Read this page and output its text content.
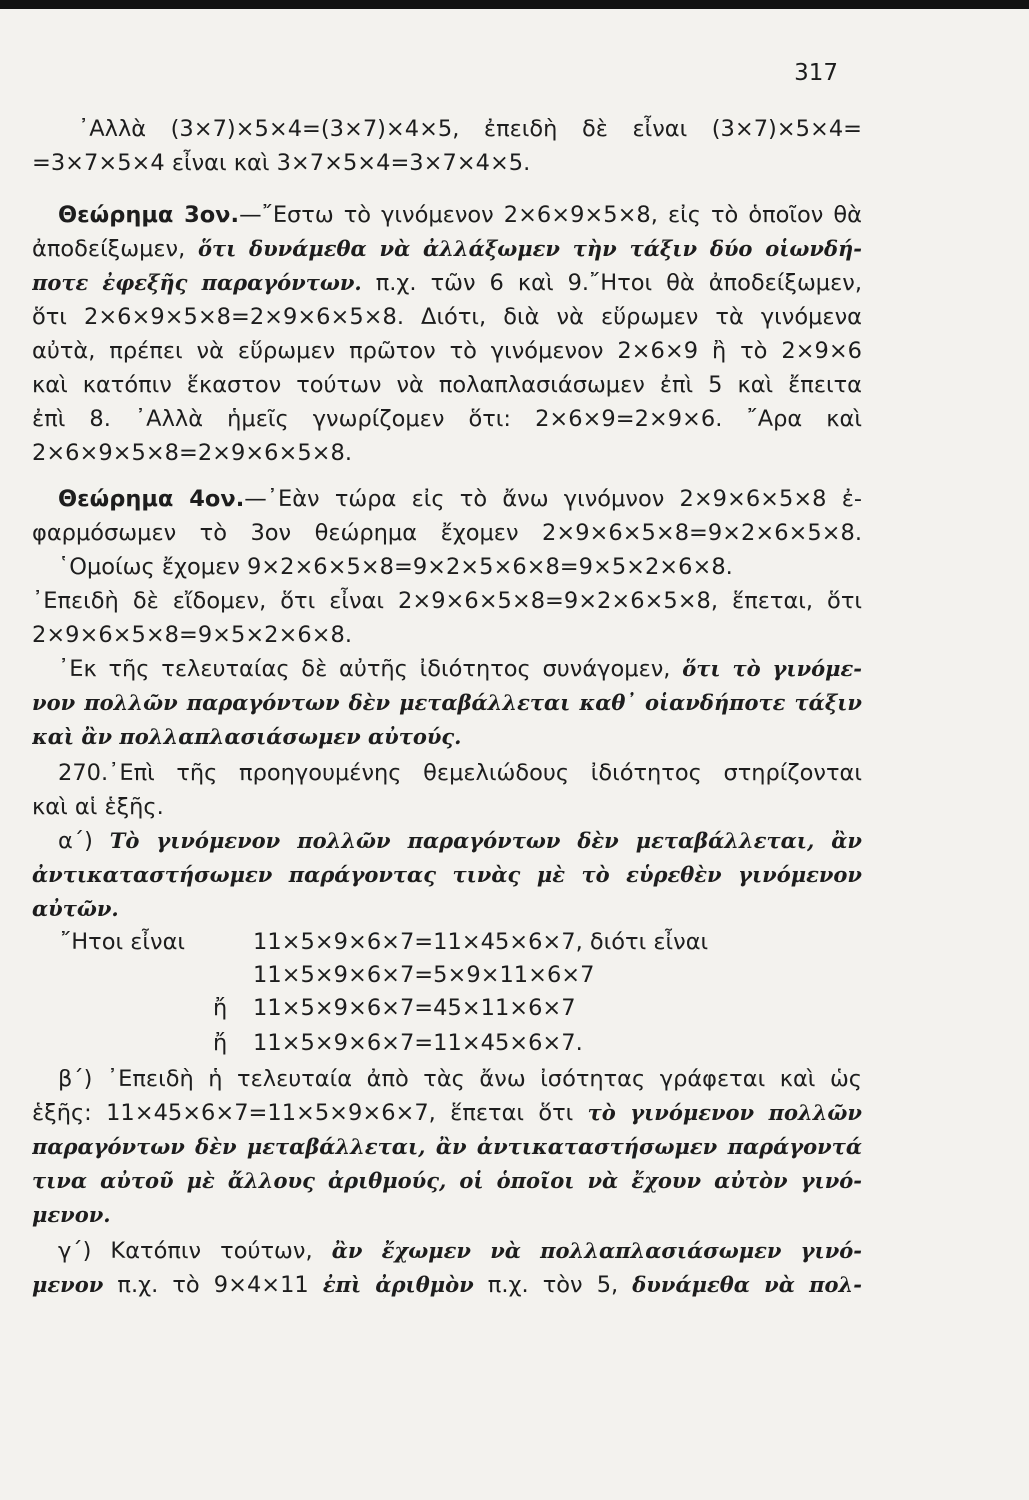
317
᾽Αλλὰ (3×7)×5×4=(3×7)×4×5, ἐπειδὴ δὲ εἶναι (3×7)×5×4=
=3×7×5×4 εἶναι καὶ 3×7×5×4=3×7×4×5.
Θεώρημα 3ον.—῎Εστω τὸ γινόμενον 2×6×9×5×8, εἰς τὸ ὁποῖον θὰ
ἀποδείξωμεν, ὅτι δυνάμεθα νὰ ἀλλάξωμεν τὴν τάξιν δύο οἱωνδή-
ποτε ἐφεξῆς παραγόντων. π.χ. τῶν 6 καὶ 9.῎Ητοι θὰ ἀποδείξωμεν,
ὅτι 2×6×9×5×8=2×9×6×5×8. Διότι, διὰ νὰ εὕρωμεν τὰ γινόμενα
αὐτὰ, πρέπει νὰ εὕρωμεν πρῶτον τὸ γινόμενον 2×6×9 ἢ τὸ 2×9×6
καὶ κατόπιν ἕκαστον τούτων νὰ πολαπλασιάσωμεν ἐπὶ 5 καὶ ἔπειτα
ἐπὶ 8. ᾽Αλλὰ ἡμεῖς γνωρίζομεν ὅτι: 2×6×9=2×9×6. ῎Αρα καὶ
2×6×9×5×8=2×9×6×5×8.
Θεώρημα 4ον.—᾽Εὰν τώρα εἰς τὸ ἄνω γινόμνον 2×9×6×5×8 ἐ-
φαρμόσωμεν τὸ 3ον θεώρημα ἔχομεν 2×9×6×5×8=9×2×6×5×8.
῾Ομοίως ἔχομεν 9×2×6×5×8=9×2×5×6×8=9×5×2×6×8.
᾽Επειδὴ δὲ εἴδομεν, ὅτι εἶναι 2×9×6×5×8=9×2×6×5×8, ἕπεται, ὅτι
2×9×6×5×8=9×5×2×6×8.
᾽Εκ τῆς τελευταίας δὲ αὐτῆς ἰδιότητος συνάγομεν, ὅτι τὸ γινόμε-
νον πολλῶν παραγόντων δὲν μεταβάλλεται καθ᾽ οἱανδήποτε τάξιν
καὶ ἂν πολλαπλασιάσωμεν αὐτούς.
270.᾽Επὶ τῆς προηγουμένης θεμελιώδους ἰδιότητος στηρίζονται
καὶ αἱ ἑξῆς.
α΄) Τὸ γινόμενον πολλῶν παραγόντων δὲν μεταβάλλεται, ἂν
ἀντικαταστήσωμεν παράγοντας τινὰς μὲ τὸ εὑρεθὲν γινόμενον
αὐτῶν.
῎Ητοι εἶναι	11×5×9×6×7=11×45×6×7, διότι εἶναι
11×5×9×6×7=5×9×11×6×7
ἤ 11×5×9×6×7=45×11×6×7
ἤ 11×5×9×6×7=11×45×6×7.
β΄) ᾽Επειδὴ ἡ τελευταία ἀπὸ τὰς ἄνω ἰσότητας γράφεται καὶ ὡς
ἑξῆς: 11×45×6×7=11×5×9×6×7, ἕπεται ὅτι τὸ γινόμενον πολλῶν
παραγόντων δὲν μεταβάλλεται, ἂν ἀντικαταστήσωμεν παράγοντά
τινα αὐτοῦ μὲ ἄλλους ἀριθμούς, οἱ ὁποῖοι νὰ ἔχουν αὐτὸν γινό-
μενον.
γ΄) Κατόπιν τούτων, ἂν ἔχωμεν νὰ πολλαπλασιάσωμεν γινό-
μενον π.χ. τὸ 9×4×11 ἐπὶ ἀριθμὸν π.χ. τὸν 5, δυνάμεθα νὰ πολ-
